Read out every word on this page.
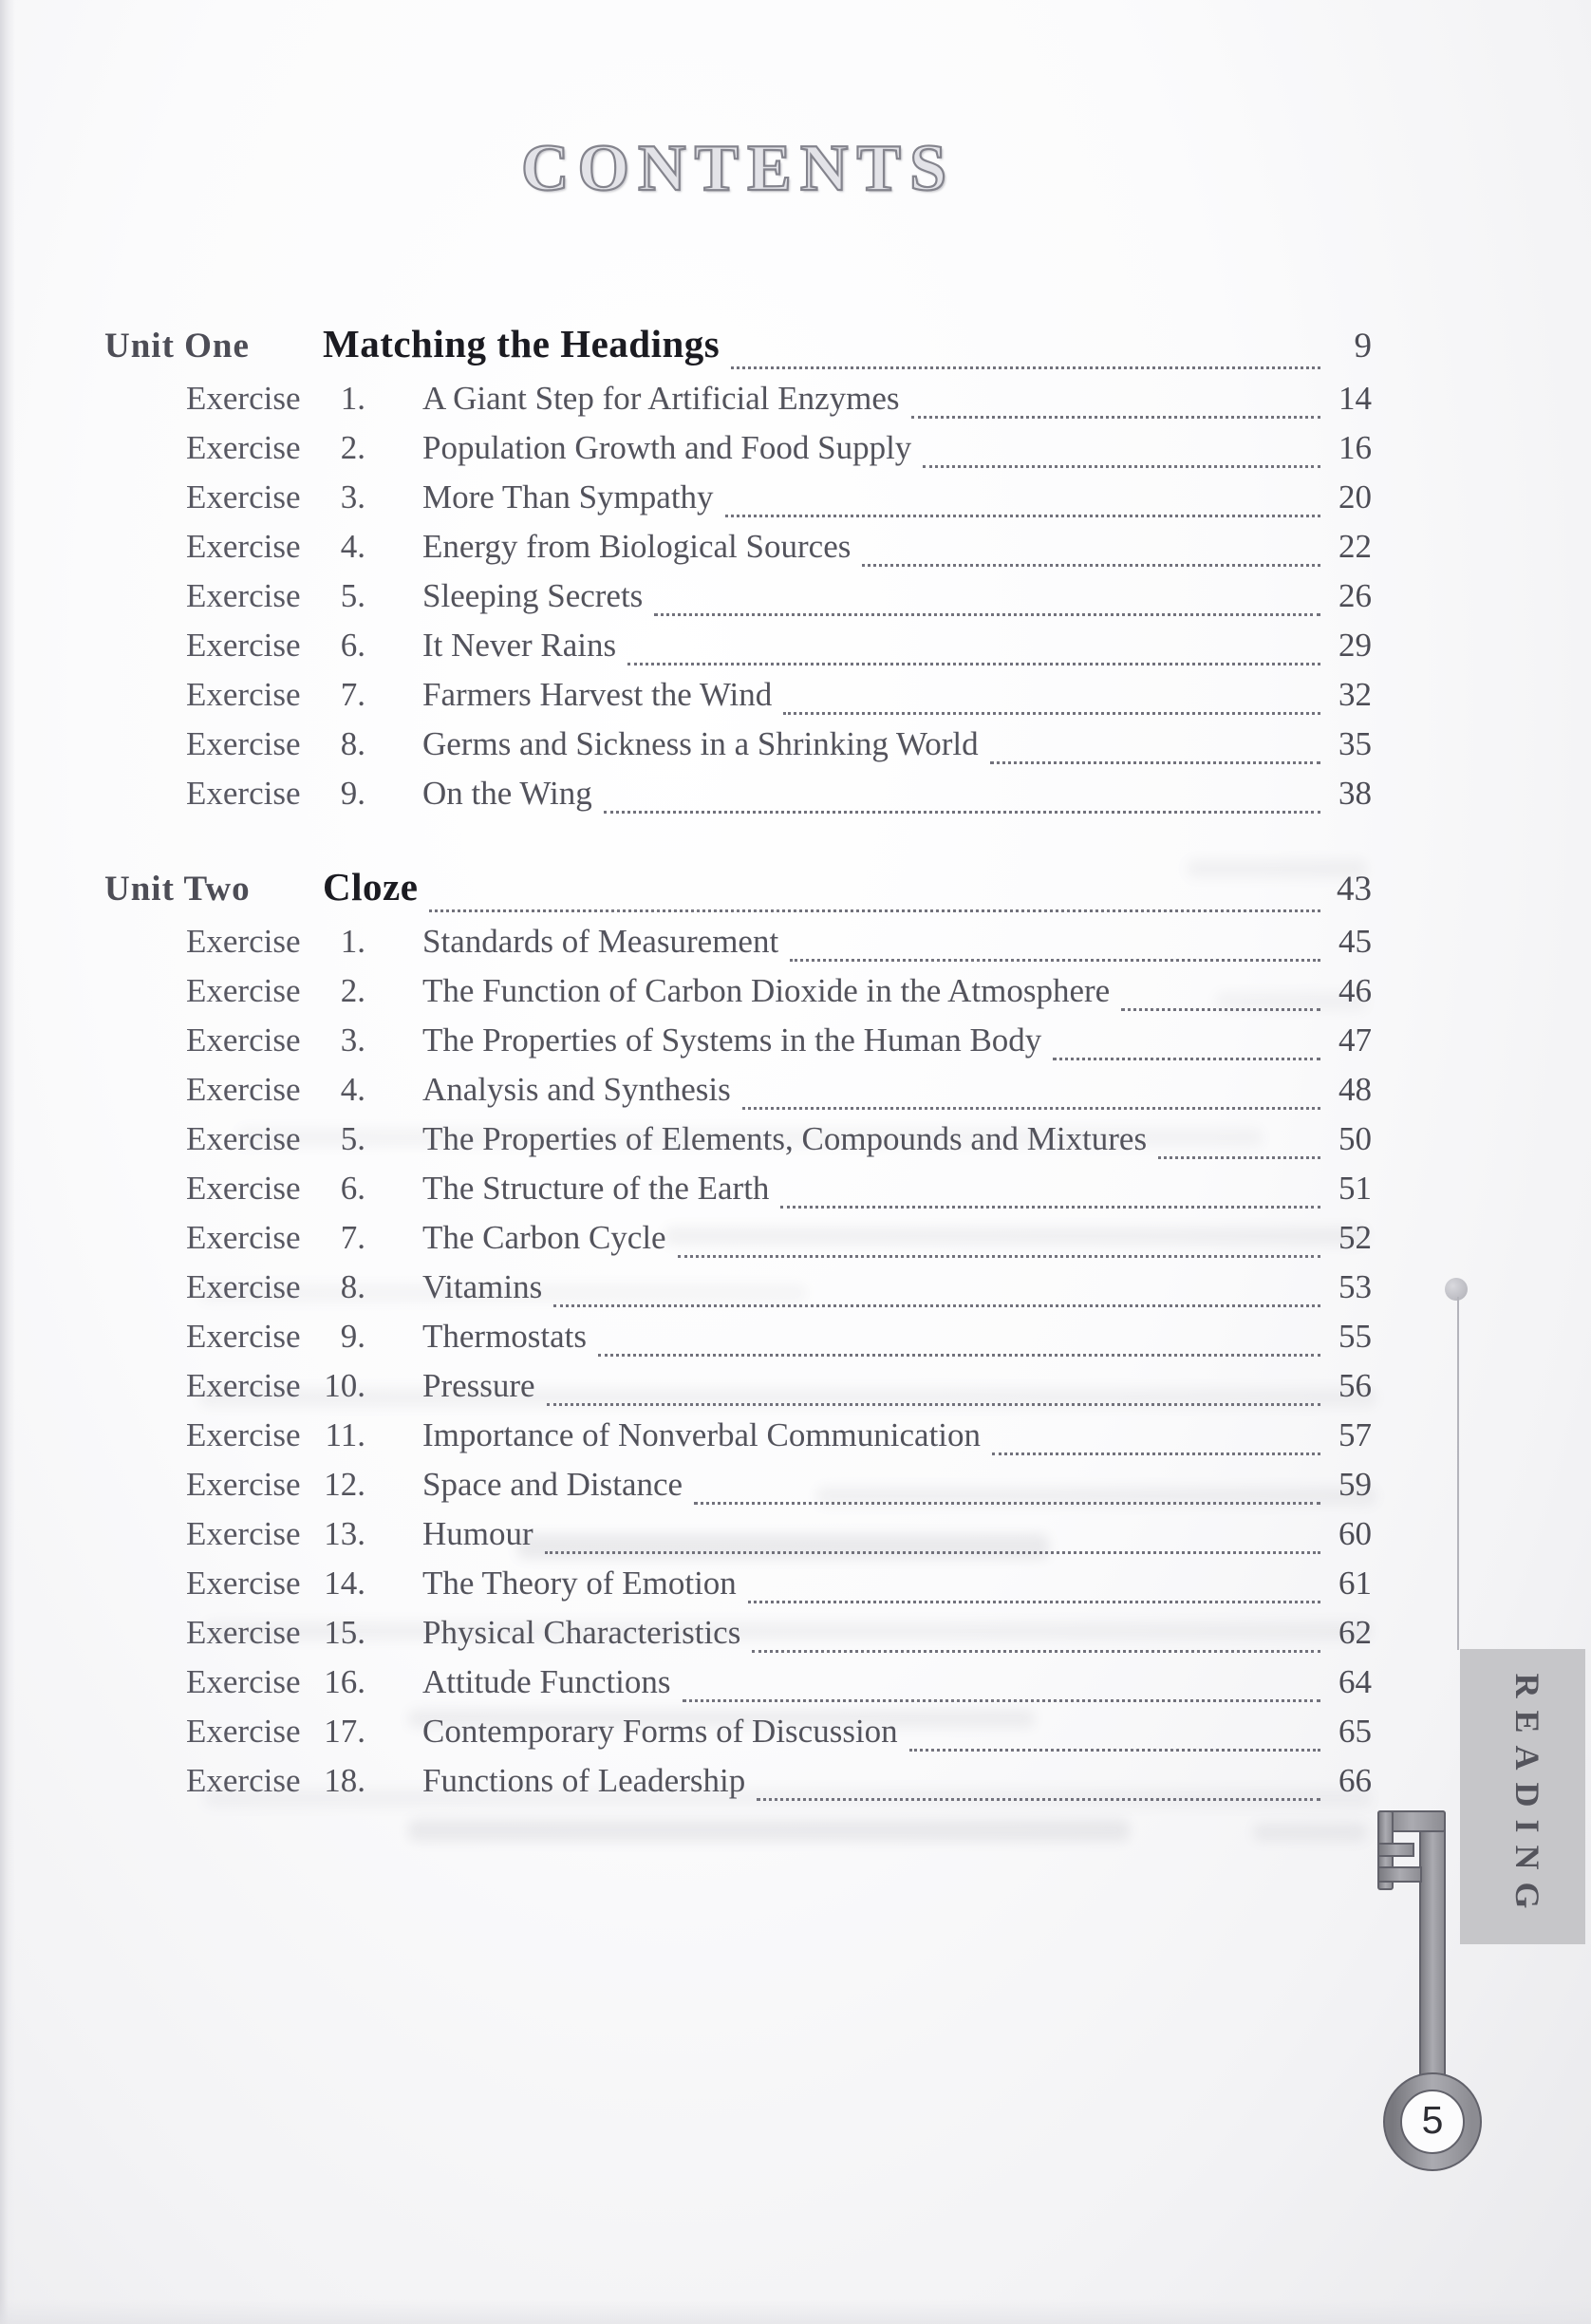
CONTENTS
Unit One	Matching the Headings	9
Exercise	1. A Giant Step for Artificial Enzymes	14
Exercise	2. Population Growth and Food Supply	16
Exercise	3. More Than Sympathy	20
Exercise	4. Energy from Biological Sources	22
Exercise	5. Sleeping Secrets	26
Exercise	6. It Never Rains	29
Exercise	7. Farmers Harvest the Wind	32
Exercise	8. Germs and Sickness in a Shrinking World	35
Exercise	9. On the Wing	38
Unit Two	Cloze	43
Exercise	1. Standards of Measurement	45
Exercise	2. The Function of Carbon Dioxide in the Atmosphere	46
Exercise	3. The Properties of Systems in the Human Body	47
Exercise	4. Analysis and Synthesis	48
Exercise	5. The Properties of Elements, Compounds and Mixtures	50
Exercise	6. The Structure of the Earth	51
Exercise	7. The Carbon Cycle	52
Exercise	8. Vitamins	53
Exercise	9. Thermostats	55
Exercise 10. Pressure	56
Exercise 11. Importance of Nonverbal Communication	57
Exercise 12. Space and Distance	59
Exercise 13. Humour	60
Exercise 14. The Theory of Emotion	61
Exercise 15. Physical Characteristics	62
Exercise 16. Attitude Functions	64
Exercise 17. Contemporary Forms of Discussion	65
Exercise 18. Functions of Leadership	66	READING
5
